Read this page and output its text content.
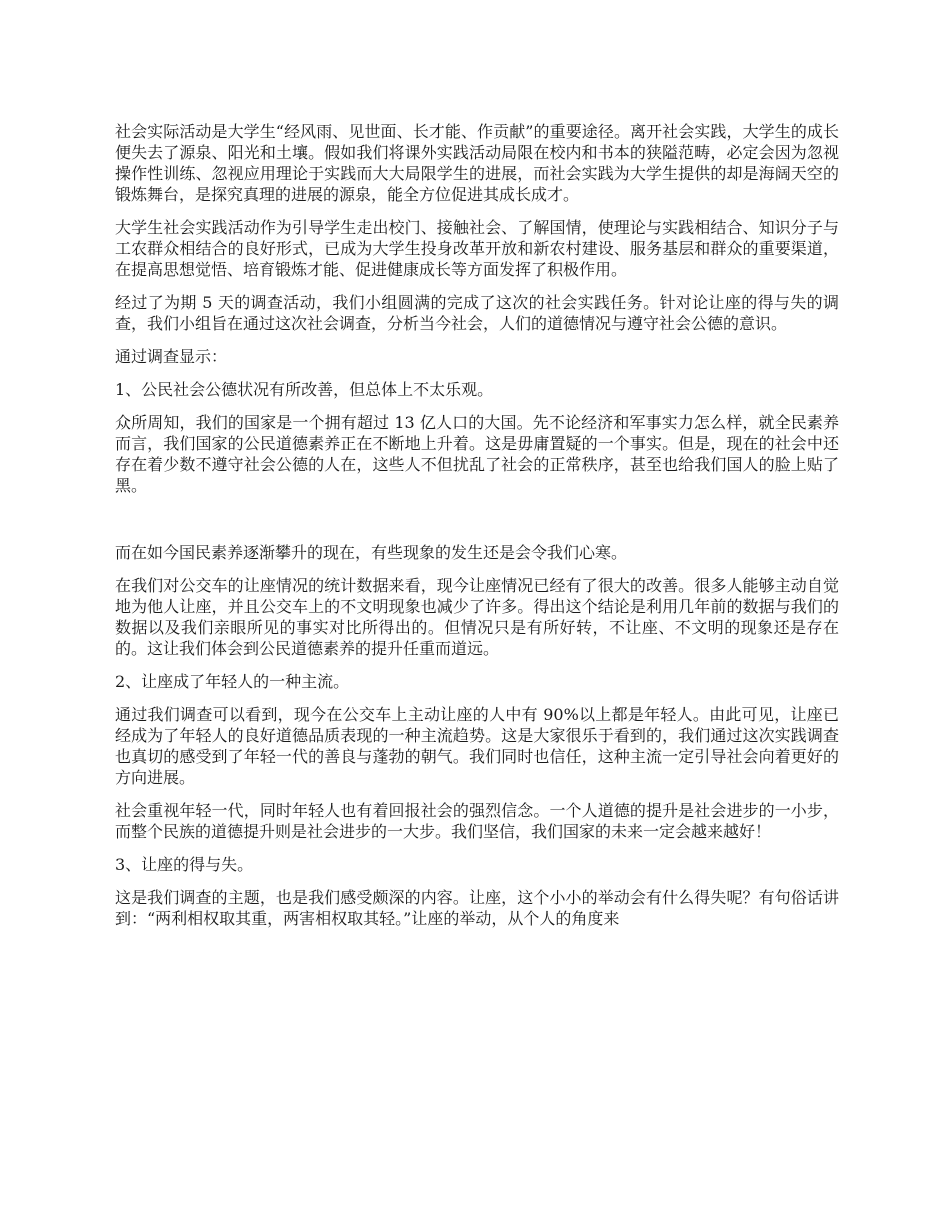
社会实际活动是大学生“经风雨、见世面、长才能、作贡献”的重要途径。离开社会实践，大学生的成长便失去了源泉、阳光和土壤。假如我们将课外实践活动局限在校内和书本的狭隘范畴，必定会因为忽视操作性训练、忽视应用理论于实践而大大局限学生的进展，而社会实践为大学生提供的却是海阔天空的锻炼舞台，是探究真理的进展的源泉，能全方位促进其成长成才。

大学生社会实践活动作为引导学生走出校门、接触社会、了解国情，使理论与实践相结合、知识分子与工农群众相结合的良好形式，已成为大学生投身改革开放和新农村建设、服务基层和群众的重要渠道，在提高思想觉悟、培育锻炼才能、促进健康成长等方面发挥了积极作用。

经过了为期 5 天的调查活动，我们小组圆满的完成了这次的社会实践任务。针对论让座的得与失的调查，我们小组旨在通过这次社会调查，分析当今社会，人们的道德情况与遵守社会公德的意识。

通过调查显示：

1、公民社会公德状况有所改善，但总体上不太乐观。

众所周知，我们的国家是一个拥有超过 13 亿人口的大国。先不论经济和军事实力怎么样，就全民素养而言，我们国家的公民道德素养正在不断地上升着。这是毋庸置疑的一个事实。但是，现在的社会中还存在着少数不遵守社会公德的人在，这些人不但扰乱了社会的正常秩序，甚至也给我们国人的脸上贴了黑。

而在如今国民素养逐渐攀升的现在，有些现象的发生还是会令我们心寒。

在我们对公交车的让座情况的统计数据来看，现今让座情况已经有了很大的改善。很多人能够主动自觉地为他人让座，并且公交车上的不文明现象也减少了许多。得出这个结论是利用几年前的数据与我们的数据以及我们亲眼所见的事实对比所得出的。但情况只是有所好转，不让座、不文明的现象还是存在的。这让我们体会到公民道德素养的提升任重而道远。

2、让座成了年轻人的一种主流。

通过我们调查可以看到，现今在公交车上主动让座的人中有 90%以上都是年轻人。由此可见，让座已经成为了年轻人的良好道德品质表现的一种主流趋势。这是大家很乐于看到的，我们通过这次实践调查也真切的感受到了年轻一代的善良与蓬勃的朝气。我们同时也信任，这种主流一定引导社会向着更好的方向进展。

社会重视年轻一代，同时年轻人也有着回报社会的强烈信念。一个人道德的提升是社会进步的一小步，而整个民族的道德提升则是社会进步的一大步。我们坚信，我们国家的未来一定会越来越好！

3、让座的得与失。

这是我们调查的主题，也是我们感受颇深的内容。让座，这个小小的举动会有什么得失呢？有句俗话讲到：“两利相权取其重，两害相权取其轻。”让座的举动，从个人的角度来
